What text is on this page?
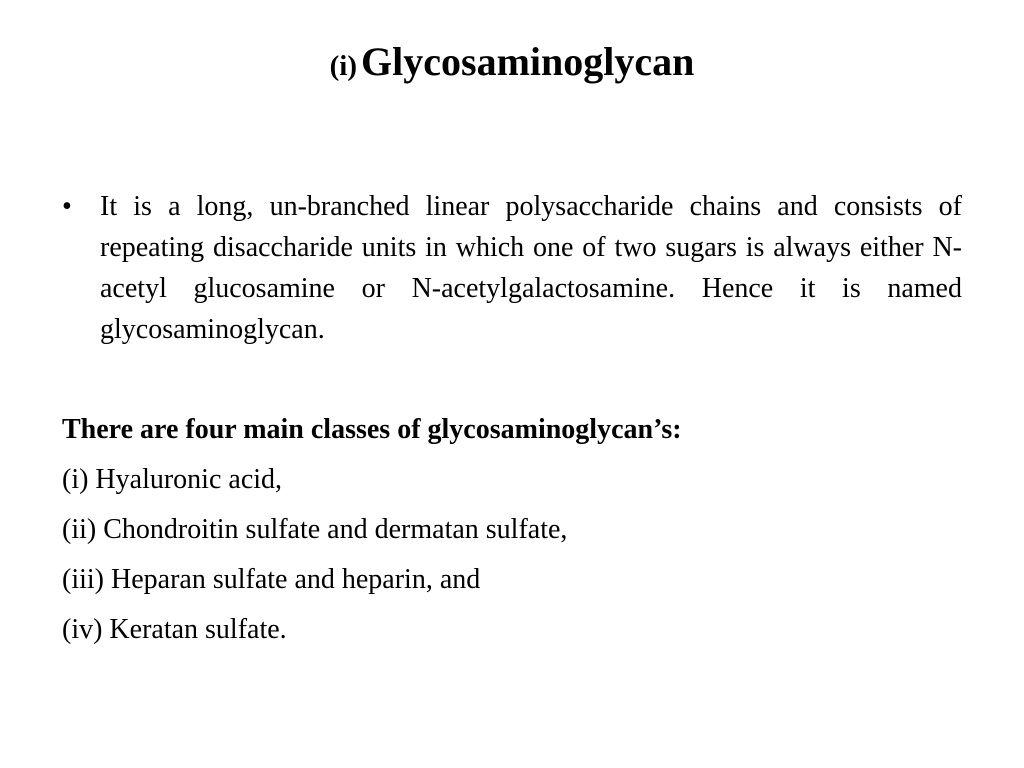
(i) Glycosaminoglycan
• It is a long, un-branched linear polysaccharide chains and consists of repeating disaccharide units in which one of two sugars is always either N-acetyl glucosamine or N-acetylgalactosamine. Hence it is named glycosaminoglycan.
There are four main classes of glycosaminoglycan’s:
(i) Hyaluronic acid,
(ii) Chondroitin sulfate and dermatan sulfate,
(iii) Heparan sulfate and heparin, and
(iv) Keratan sulfate.
